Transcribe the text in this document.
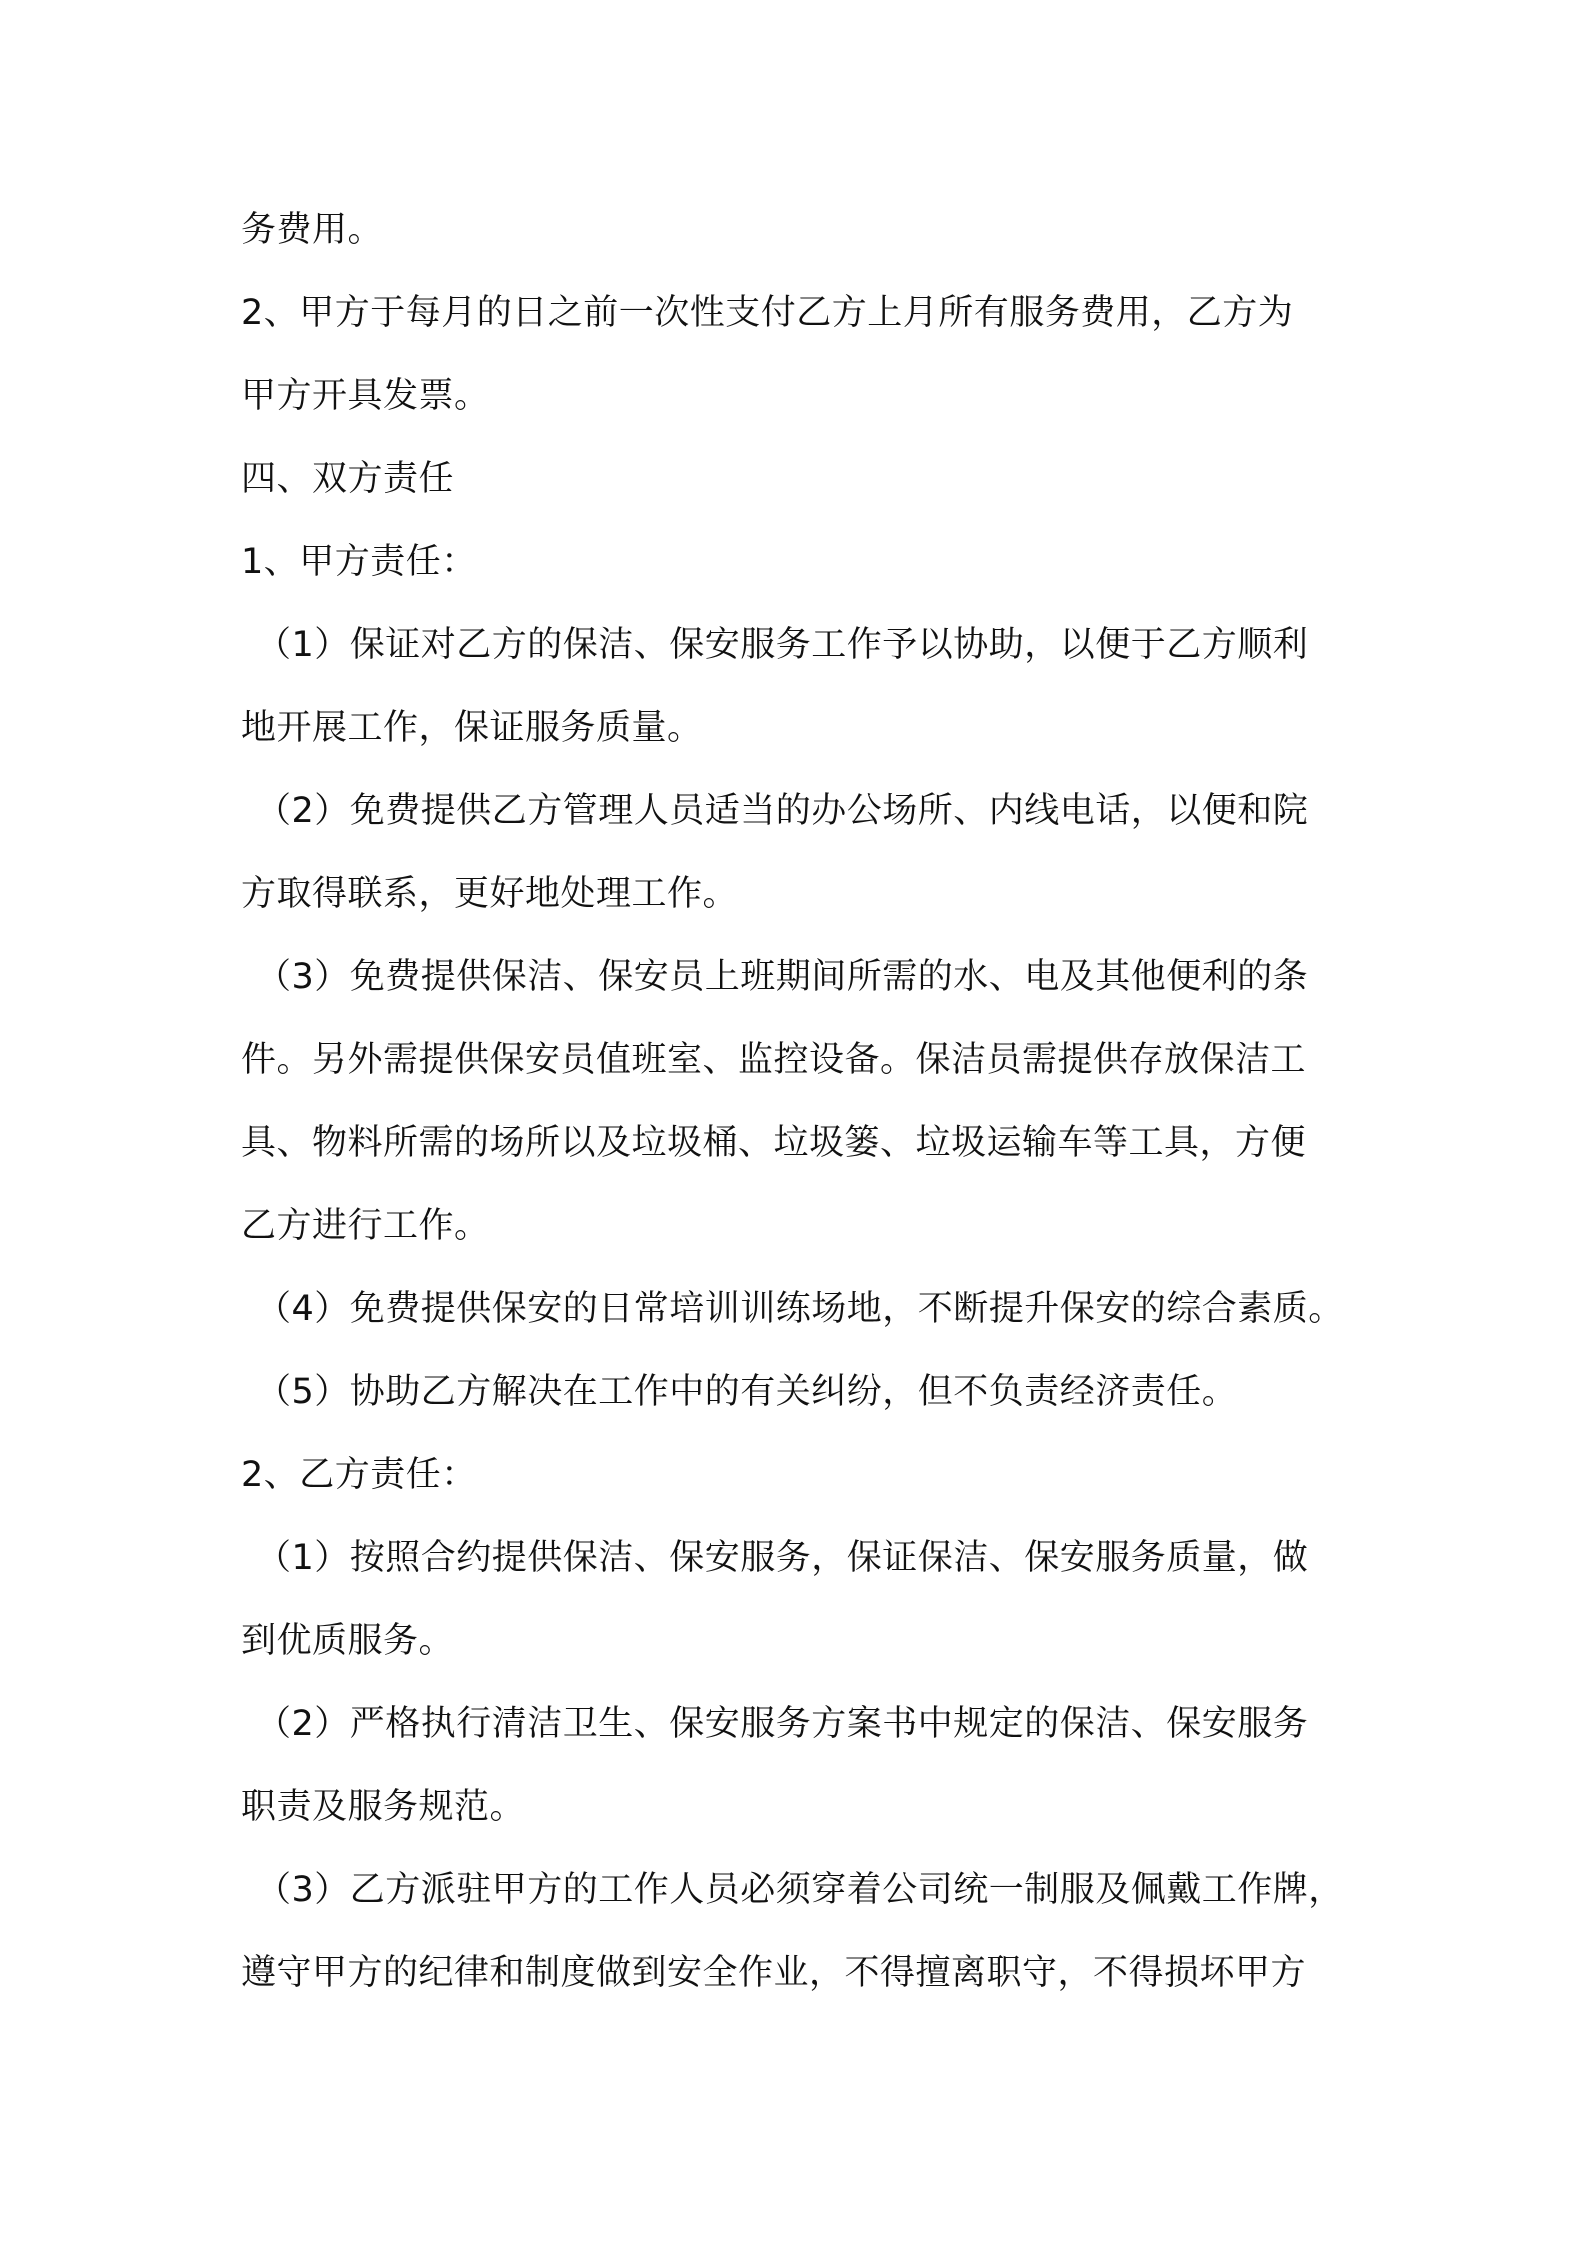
务费用。
2、甲方于每月的日之前一次性支付乙方上月所有服务费用，乙方为
甲方开具发票。
四、双方责任
1、甲方责任：
（1）保证对乙方的保洁、保安服务工作予以协助，以便于乙方顺利
地开展工作，保证服务质量。
（2）免费提供乙方管理人员适当的办公场所、内线电话，以便和院
方取得联系，更好地处理工作。
（3）免费提供保洁、保安员上班期间所需的水、电及其他便利的条
件。另外需提供保安员值班室、监控设备。保洁员需提供存放保洁工
具、物料所需的场所以及垃圾桶、垃圾篓、垃圾运输车等工具，方便
乙方进行工作。
（4）免费提供保安的日常培训训练场地，不断提升保安的综合素质。
（5）协助乙方解决在工作中的有关纠纷，但不负责经济责任。
2、乙方责任：
（1）按照合约提供保洁、保安服务，保证保洁、保安服务质量，做
到优质服务。
（2）严格执行清洁卫生、保安服务方案书中规定的保洁、保安服务
职责及服务规范。
（3）乙方派驻甲方的工作人员必须穿着公司统一制服及佩戴工作牌，
遵守甲方的纪律和制度做到安全作业，不得擅离职守，不得损坏甲方
